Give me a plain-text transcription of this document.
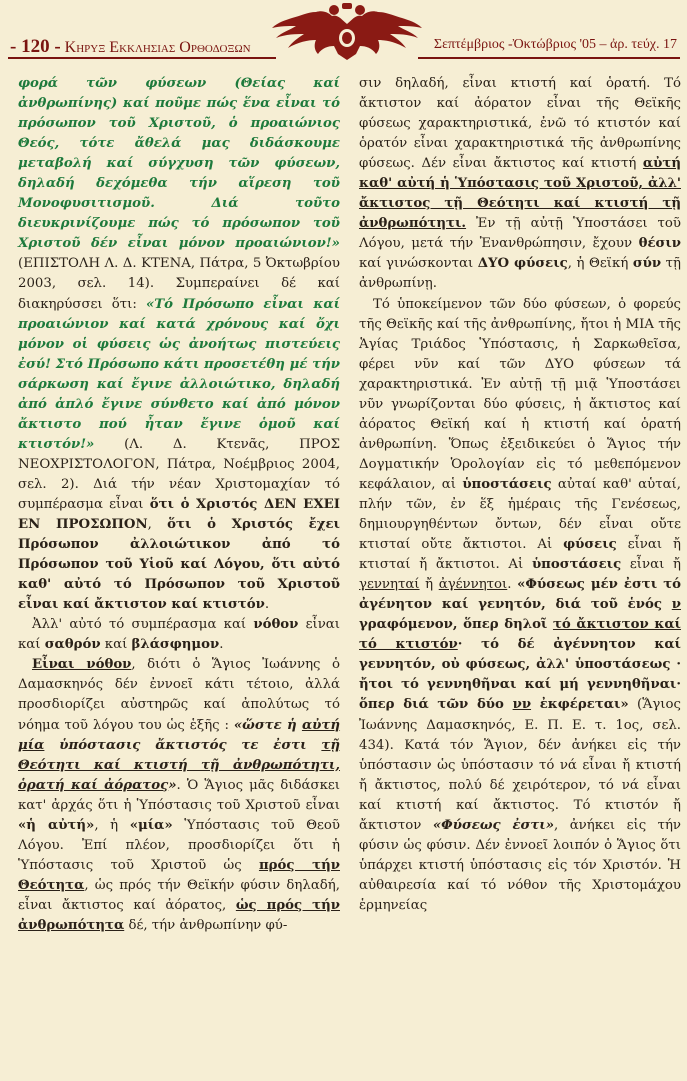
- 120 - Κηρυξ Εκκλησιας Ορθοδοξων	Σεπτέμβριος -Ὀκτώβριος '05 – ἀρ. τεύχ. 17

φορά τῶν φύσεων (Θείας καί ἀνθρωπίνης) καί ποῦμε πώς ἕνα εἶναι τό πρόσωπον τοῦ Χριστοῦ, ὁ προαιώνιος Θεός, τότε ἄθελά μας διδάσκουμε μεταβολή καί σύγχυση τῶν φύσεων, δηλαδή δεχόμεθα τήν αἵρεση τοῦ Μονοφυσιτισμοῦ. Διά τοῦτο διευκρινίζουμε πώς τό πρόσωπον τοῦ Χριστοῦ δέν εἶναι μόνον προαιώνιον!» (ΕΠΙΣΤΟΛΗ Λ. Δ. ΚΤΕΝΑ, Πάτρα, 5 Ὀκτωβρίου 2003, σελ. 14). Συμπεραίνει δέ καί διακηρύσσει ὅτι: «Τό Πρόσωπο εἶναι καί προαιώνιον καί κατά χρόνους καί ὄχι μόνον οἱ φύσεις ὡς ἀνοήτως πιστεύεις ἐσύ! Στό Πρόσωπο κάτι προσετέθη μέ τήν σάρκωση καί ἔγινε ἀλλοιώτικο, δηλαδή ἀπό ἁπλό ἔγινε σύνθετο καί ἀπό μόνον ἄκτιστο πού ἦταν ἔγινε ὁμοῦ καί κτιστόν!» (Λ. Δ. Κτενᾶς, ΠΡΟΣ ΝΕΟΧΡΙΣΤΟΛΟΓΟΝ, Πάτρα, Νοέμβριος 2004, σελ. 2). Διά τήν νέαν Χριστομαχίαν τό συμπέρασμα εἶναι ὅτι ὁ Χριστός ΔΕΝ ΕΧΕΙ ΕΝ ΠΡΟΣΩΠΟΝ, ὅτι ὁ Χριστός ἔχει Πρόσωπον ἀλλοιώτικον ἀπό τό Πρόσωπον τοῦ Υἱοῦ καί Λόγου, ὅτι αὐτό καθ' αὐτό τό Πρόσωπον τοῦ Χριστοῦ εἶναι καί ἄκτιστον καί κτιστόν.

Ἀλλ' αὐτό τό συμπέρασμα καί νόθον εἶναι καί σαθρόν καί βλάσφημον.

Εἶναι νόθον, διότι ὁ Ἅγιος Ἰωάννης ὁ Δαμασκηνός δέν ἐννοεῖ κάτι τέτοιο, ἀλλά προσδιορίζει αὐστηρῶς καί ἀπολύτως τό νόημα τοῦ λόγου του ὡς ἑξῆς : «ὥστε ἡ αὐτή μία ὑπόστασις ἄκτιστός τε ἐστι τῇ Θεότητι καί κτιστή τῇ ἀνθρωπότητι, ὁρατή καί ἀόρατος». Ὁ Ἅγιος μᾶς διδάσκει κατ' ἀρχάς ὅτι ἡ Ὑπόστασις τοῦ Χριστοῦ εἶναι «ἡ αὐτή», ἡ «μία» Ὑπόστασις τοῦ Θεοῦ Λόγου. Ἐπί πλέον, προσδιορίζει ὅτι ἡ Ὑπόστασις τοῦ Χριστοῦ ὡς πρός τήν Θεότητα, ὡς πρός τήν Θεϊκήν φύσιν δηλαδή, εἶναι ἄκτιστος καί ἀόρατος, ὡς πρός τήν ἀνθρωπότητα δέ, τήν ἀνθρωπίνην φύ-

σιν δηλαδή, εἶναι κτιστή καί ὁρατή. Τό ἄκτιστον καί ἀόρατον εἶναι τῆς Θεϊκῆς φύσεως χαρακτηριστικά, ἐνῶ τό κτιστόν καί ὁρατόν εἶναι χαρακτηριστικά τῆς ἀνθρωπίνης φύσεως. Δέν εἶναι ἄκτιστος καί κτιστή αὐτή καθ' αὐτή ἡ Ὑπόστασις τοῦ Χριστοῦ, ἀλλ' ἄκτιστος τῇ Θεότητι καί κτιστή τῇ ἀνθρωπότητι. Ἐν τῇ αὐτῇ Ὑποστάσει τοῦ Λόγου, μετά τήν Ἐνανθρώπησιν, ἔχουν θέσιν καί γινώσκονται ΔΥΟ φύσεις, ἡ Θεϊκή σύν τῇ ἀνθρωπίνῃ.

Τό ὑποκείμενον τῶν δύο φύσεων, ὁ φορεύς τῆς Θεϊκῆς καί τῆς ἀνθρωπίνης, ἤτοι ἡ ΜΙΑ τῆς Ἁγίας Τριάδος Ὑπόστασις, ἡ Σαρκωθεῖσα, φέρει νῦν καί τῶν ΔΥΟ φύσεων τά χαρακτηριστικά. Ἐν αὐτῇ τῇ μιᾷ Ὑποστάσει νῦν γνωρίζονται δύο φύσεις, ἡ ἄκτιστος καί ἀόρατος Θεϊκή καί ἡ κτιστή καί ὁρατή ἀνθρωπίνη. Ὅπως ἐξειδικεύει ὁ Ἅγιος τήν Δογματικήν Ὁρολογίαν εἰς τό μεθεπόμενον κεφάλαιον, αἱ ὑποστάσεις αὐταί καθ' αὑταί, πλήν τῶν, ἐν ἕξ ἡμέραις τῆς Γενέσεως, δημιουργηθέντων ὄντων, δέν εἶναι οὔτε κτισταί οὔτε ἄκτιστοι. Αἱ φύσεις εἶναι ἤ κτισταί ἤ ἄκτιστοι. Αἱ ὑποστάσεις εἶναι ἤ γεννηταί ἤ ἀγέννητοι. «Φύσεως μέν ἐστι τό ἀγένητον καί γενητόν, διά τοῦ ἑνός ν γραφόμενον, ὅπερ δηλοῖ τό ἄκτιστον καί τό κτιστόν· τό δέ ἀγέννητον καί γεννητόν, οὐ φύσεως, ἀλλ' ὑποστάσεως · ἤτοι τό γεννηθῆναι καί μή γεννηθῆναι· ὅπερ διά τῶν δύο νν ἐκφέρεται» (Ἅγιος Ἰωάννης Δαμασκηνός, Ε. Π. Ε. τ. 1ος, σελ. 434). Κατά τόν Ἅγιον, δέν ἀνήκει εἰς τήν ὑπόστασιν ὡς ὑπόστασιν τό νά εἶναι ἤ κτιστή ἤ ἄκτιστος, πολύ δέ χειρότερον, τό νά εἶναι καί κτιστή καί ἄκτιστος. Τό κτιστόν ἤ ἄκτιστον «Φύσεως ἐστι», ἀνήκει εἰς τήν φύσιν ὡς φύσιν. Δέν ἐννοεῖ λοιπόν ὁ Ἅγιος ὅτι ὑπάρχει κτιστή ὑπόστασις εἰς τόν Χριστόν. Ἡ αὐθαιρεσία καί τό νόθον τῆς Χριστομάχου ἑρμηνείας
